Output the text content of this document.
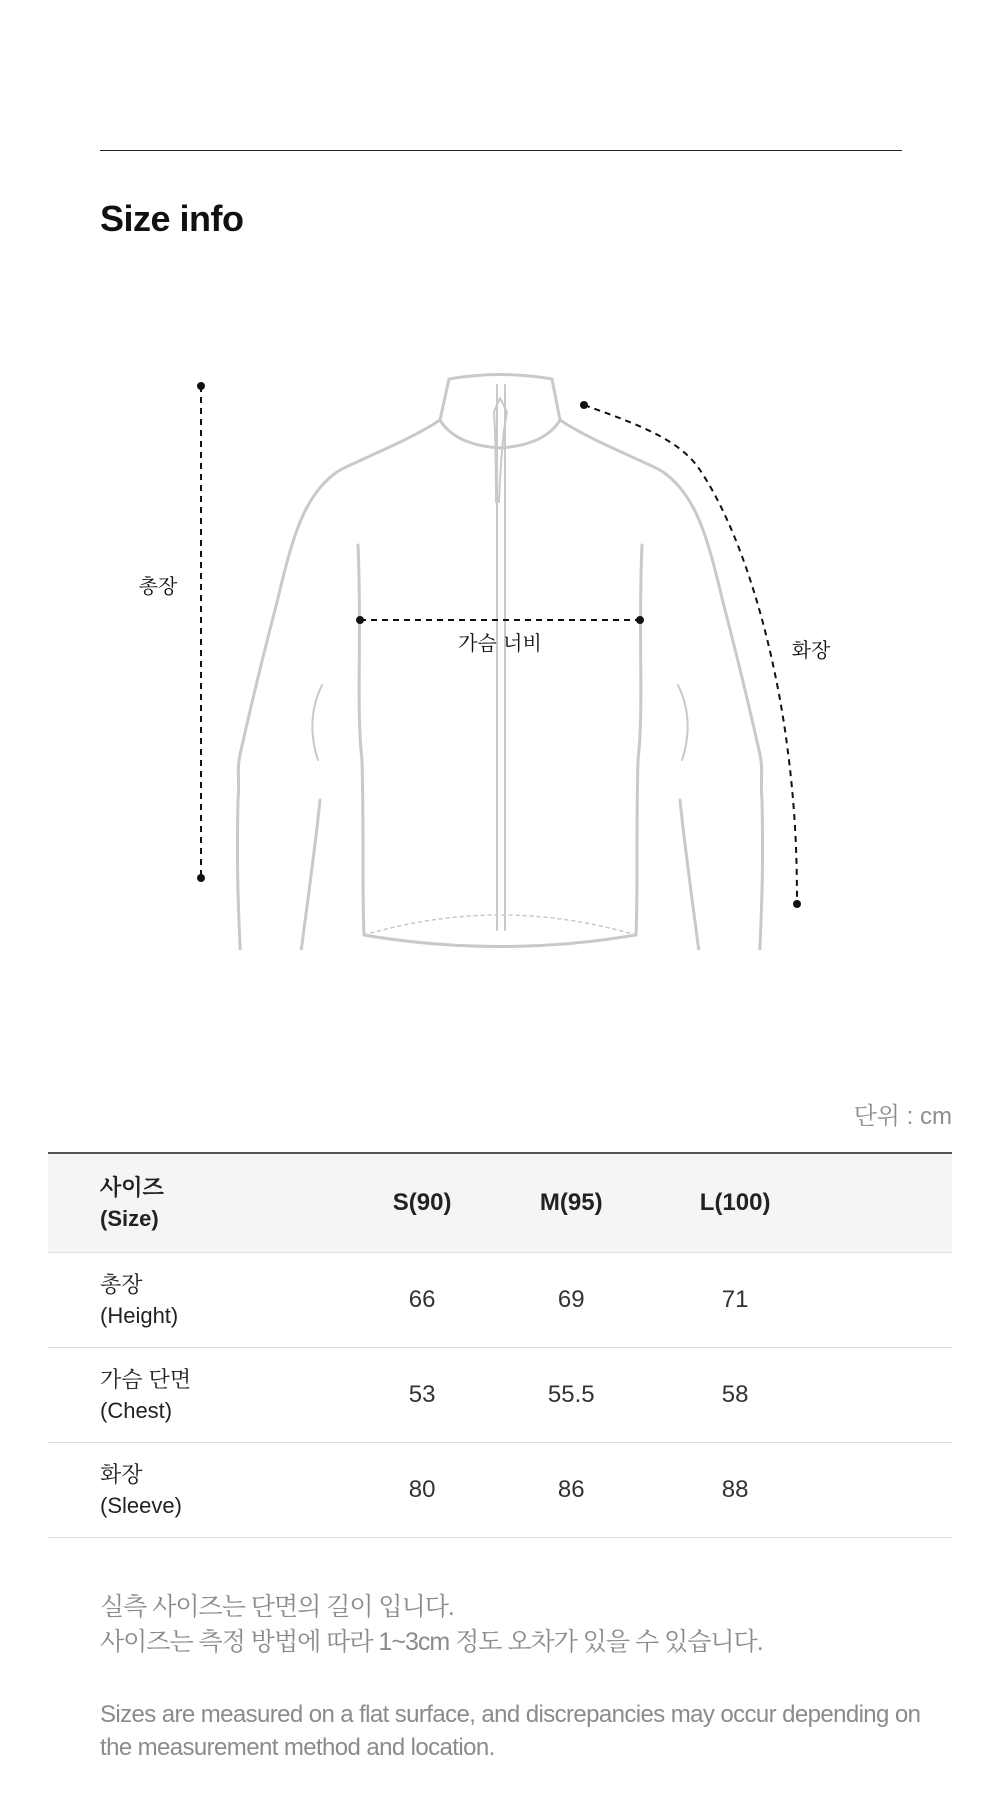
Size info
총장
가슴 너비	화장
단위 : cm
사이즈
(Size)	S(90)	M(95)	L(100)	

총장
(Height)	66	69	71	

가슴 단면
(Chest)	53	55.5	58	

화장
(Sleeve)	80	86	88	
실측 사이즈는 단면의 길이 입니다.
사이즈는 측정 방법에 따라 1~3cm 정도 오차가 있을 수 있습니다.

Sizes are measured on a flat surface, and discrepancies may occur depending on the measurement method and location.
